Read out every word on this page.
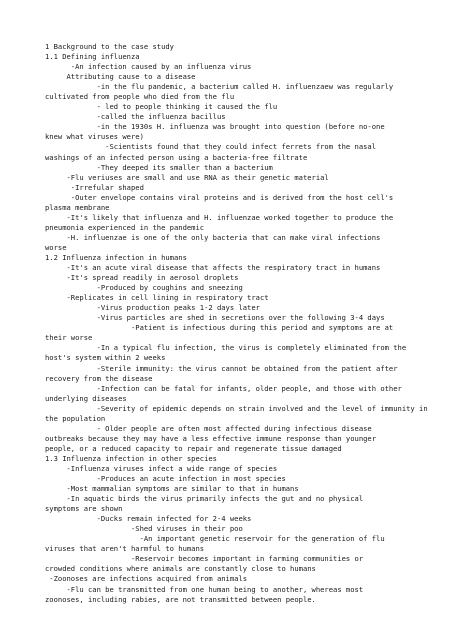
1 Background to the case study
1.1 Defining influenza
-An infection caused by an influenza virus
Attributing cause to a disease
-in the flu pandemic, a bacterium called H. influenzaew was regularly
cultivated from people who died from the flu
- led to people thinking it caused the flu
-called the influenza bacillus
-in the 1930s H. influenza was brought into question (before no-one
knew what viruses were)
-Scientists found that they could infect ferrets from the nasal
washings of an infected person using a bacteria-free filtrate
-They deeped its smaller than a bacterium
-Flu veriuses are small and use RNA as their genetic material
-Irrefular shaped
-Outer envelope contains viral proteins and is derived from the host cell's
plasma membrane
-It's likely that influenza and H. influenzae worked together to produce the
pneumonia experienced in the pandemic
-H. influenzae is one of the only bacteria that can make viral infections
worse
1.2 Influenza infection in humans
-It's an acute viral disease that affects the respiratory tract in humans
-It's spread readily in aerosol droplets
-Produced by coughins and sneezing
-Replicates in cell lining in respiratory tract
-Virus production peaks 1-2 days later
-Virus particles are shed in secretions over the following 3-4 days
-Patient is infectious during this period and symptoms are at
their worse
-In a typical flu infection, the virus is completely eliminated from the
host's system within 2 weeks
-Sterile immunity: the virus cannot be obtained from the patient after
recovery from the disease
-Infection can be fatal for infants, older people, and those with other
underlying diseases
-Severity of epidemic depends on strain involved and the level of immunity in
the population
- Older people are often most affected during infectious disease
outbreaks because they may have a less effective immune response than younger
people, or a reduced capacity to repair and regenerate tissue damaged
1.3 Influenza infection in other species
-Influenza viruses infect a wide range of species
-Produces an acute infection in most species
-Most mammalian symptoms are similar to that in humans
-In aquatic birds the virus primarily infects the gut and no physical
symptoms are shown
-Ducks remain infected for 2-4 weeks
-Shed viruses in their poo
-An important genetic reservoir for the generation of flu
viruses that aren't harmful to humans
-Reservoir becomes important in farming communities or
crowded conditions where animals are constantly close to humans
-Zoonoses are infections acquired from animals
-Flu can be transmitted from one human being to another, whereas most
zoonoses, including rabies, are not transmitted between people.
